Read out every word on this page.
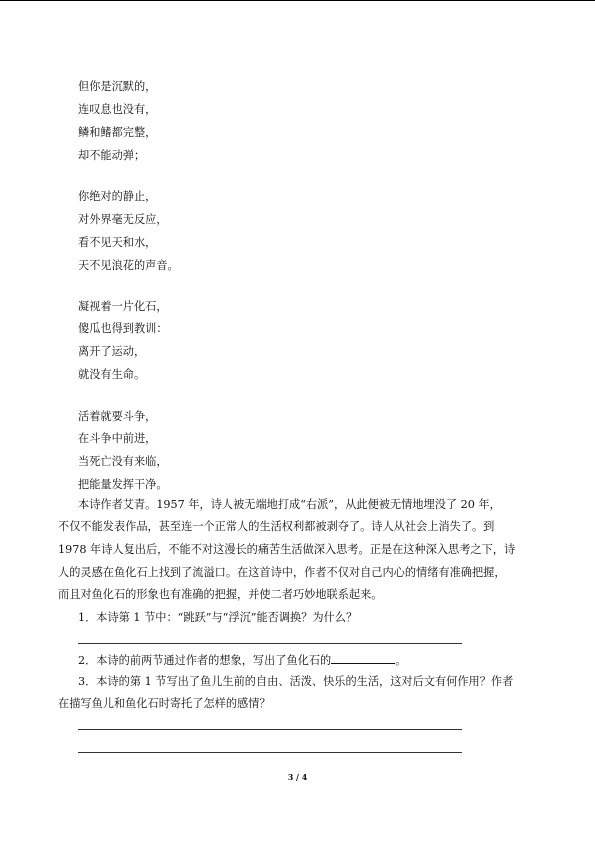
但你是沉默的，
连叹息也没有，
鳞和鳍都完整，
却不能动弹；
你绝对的静止，
对外界毫无反应，
看不见天和水，
天不见浪花的声音。
凝视着一片化石，
傻瓜也得到教训：
离开了运动，
就没有生命。
活着就要斗争，
在斗争中前进，
当死亡没有来临，
把能量发挥干净。
本诗作者艾青。1957 年，诗人被无端地打成“右派”，从此便被无情地埋没了 20 年，
不仅不能发表作品，甚至连一个正常人的生活权利都被剥夺了。诗人从社会上消失了。到
1978 年诗人复出后，不能不对这漫长的痛苦生活做深入思考。正是在这种深入思考之下，诗
人的灵感在鱼化石上找到了流溢口。在这首诗中，作者不仅对自己内心的情绪有准确把握，
而且对鱼化石的形象也有准确的把握，并使二者巧妙地联系起来。
1．本诗第 1 节中：“跳跃”与“浮沉”能否调换？为什么？
2．本诗的前两节通过作者的想象，写出了鱼化石的	。
3．本诗的第 1 节写出了鱼儿生前的自由、活泼、快乐的生活，这对后文有何作用？作者
在描写鱼儿和鱼化石时寄托了怎样的感情？
3 / 4
